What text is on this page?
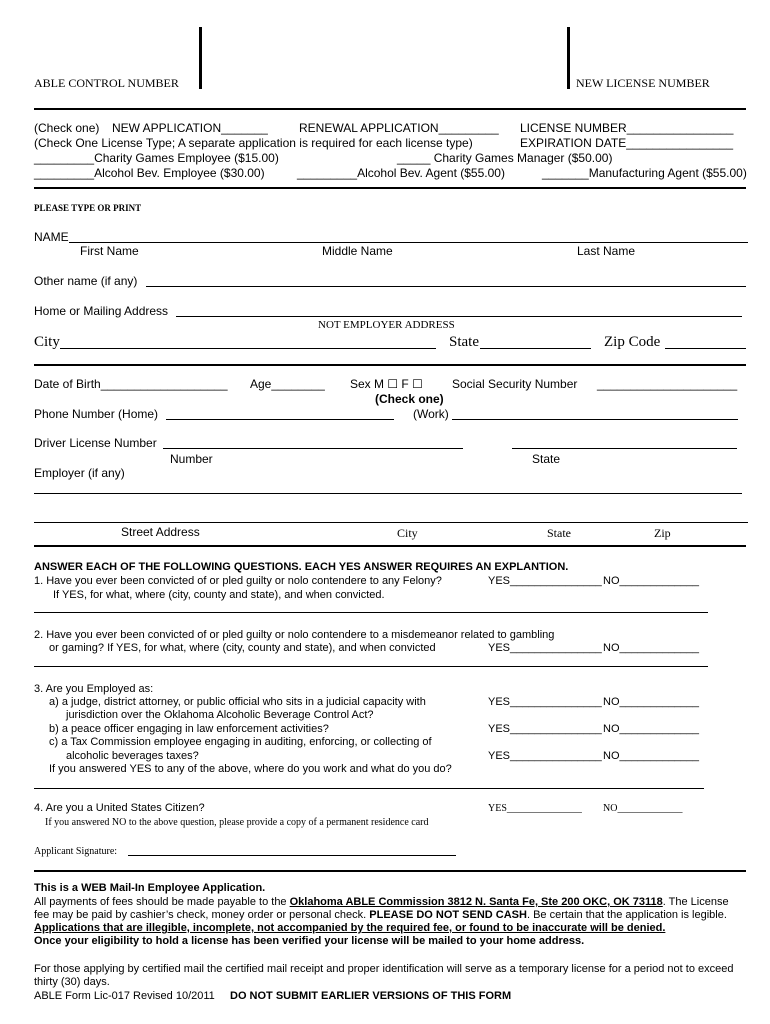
ABLE CONTROL NUMBER	NEW LICENSE NUMBER
(Check one) NEW APPLICATION_______	RENEWAL APPLICATION_________ LICENSE NUMBER________________
(Check One License Type; A separate application is required for each license type)	EXPIRATION DATE________________
_________Charity Games Employee ($15.00)	_____ Charity Games Manager ($50.00)
_________Alcohol Bev. Employee ($30.00)	_________Alcohol Bev. Agent ($55.00)	_______Manufacturing Agent ($55.00)
PLEASE TYPE OR PRINT
NAME
First Name	Middle Name	Last Name
Other name (if any)
Home or Mailing Address
NOT EMPLOYER ADDRESS
City	State	Zip Code
Date of Birth___________________ Age________ Sex M ☐ F ☐ Social Security Number _____________________
(Check one)
Phone Number (Home)	(Work)
Driver License Number
Number	State
Employer (if any)
Street Address	City	State	Zip
ANSWER EACH OF THE FOLLOWING QUESTIONS. EACH YES ANSWER REQUIRES AN EXPLANTION.
1. Have you ever been convicted of or pled guilty or nolo contendere to any Felony?	YES_______________ NO_____________
If YES, for what, where (city, county and state), and when convicted.
2. Have you ever been convicted of or pled guilty or nolo contendere to a misdemeanor related to gambling
or gaming? If YES, for what, where (city, county and state), and when convicted	YES_______________ NO_____________
3. Are you Employed as:
a) a judge, district attorney, or public official who sits in a judicial capacity with	YES_______________ NO_____________
jurisdiction over the Oklahoma Alcoholic Beverage Control Act?
b) a peace officer engaging in law enforcement activities?	YES_______________ NO_____________
c) a Tax Commission employee engaging in auditing, enforcing, or collecting of
alcoholic beverages taxes?	YES_______________ NO_____________
If you answered YES to any of the above, where do you work and what do you do?
4. Are you a United States Citizen?	YES_______________ NO_____________
If you answered NO to the above question, please provide a copy of a permanent residence card
Applicant Signature:
This is a WEB Mail-In Employee Application.
All payments of fees should be made payable to the Oklahoma ABLE Commission 3812 N. Santa Fe, Ste 200 OKC, OK 73118. The License
fee may be paid by cashier’s check, money order or personal check. PLEASE DO NOT SEND CASH. Be certain that the application is legible.
Applications that are illegible, incomplete, not accompanied by the required fee, or found to be inaccurate will be denied.
Once your eligibility to hold a license has been verified your license will be mailed to your home address.
For those applying by certified mail the certified mail receipt and proper identification will serve as a temporary license for a period not to exceed thirty (30) days.
ABLE Form Lic-017 Revised 10/2011 DO NOT SUBMIT EARLIER VERSIONS OF THIS FORM
